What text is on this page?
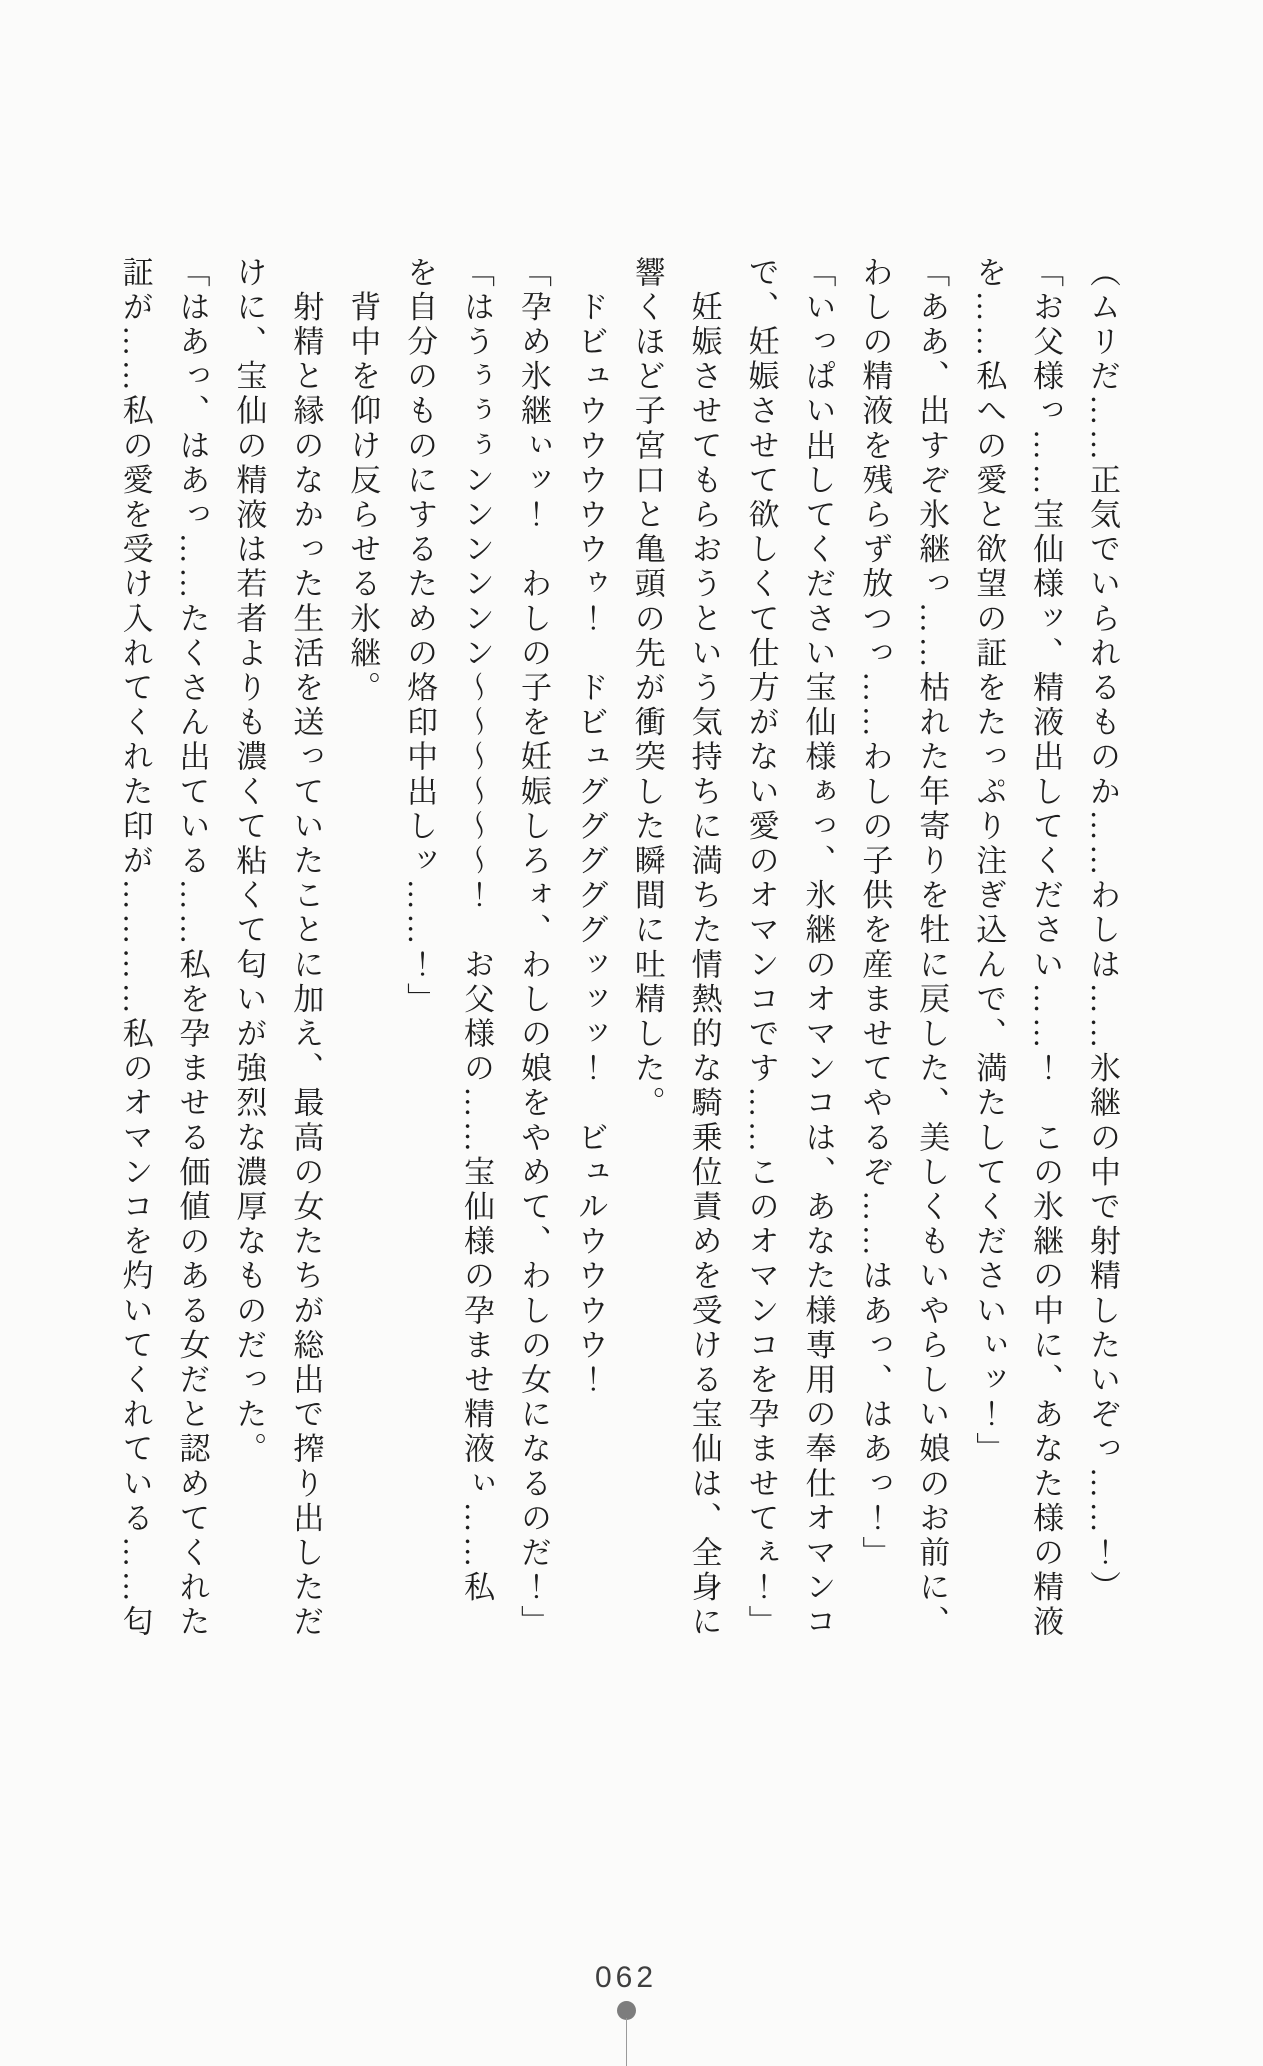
（ムリだ……正気でいられるものか……わしは……氷継の中で射精したいぞっ……！）

「お父様っ……宝仙様ッ、精液出してください……！　この氷継の中に、あなた様の精液

を……私への愛と欲望の証をたっぷり注ぎ込んで、満たしてくださいぃッ！」

「ああ、出すぞ氷継っ……枯れた年寄りを牡に戻した、美しくもいやらしい娘のお前に、

わしの精液を残らず放つっ……わしの子供を産ませてやるぞ……はあっ、はあっ！」

「いっぱい出してください宝仙様ぁっ、氷継のオマンコは、あなた様専用の奉仕オマンコ

で、妊娠させて欲しくて仕方がない愛のオマンコです……このオマンコを孕ませてぇ！」

　妊娠させてもらおうという気持ちに満ちた情熱的な騎乗位責めを受ける宝仙は、全身に

響くほど子宮口と亀頭の先が衝突した瞬間に吐精した。

　ドビュウウウウウゥ！　ドビュグググググッッッ！　ビュルウウウウ！

「孕め氷継ぃッ！　わしの子を妊娠しろォ、わしの娘をやめて、わしの女になるのだ！」

「はうぅぅぅンンンンンン〜〜〜〜〜〜！　お父様の……宝仙様の孕ませ精液ぃ……私

を自分のものにするための烙印中出しッ……！」

　背中を仰け反らせる氷継。

　射精と縁のなかった生活を送っていたことに加え、最高の女たちが総出で搾り出しただ

けに、宝仙の精液は若者よりも濃くて粘くて匂いが強烈な濃厚なものだった。

「はあっ、はあっ……たくさん出ている……私を孕ませる価値のある女だと認めてくれた

証が……私の愛を受け入れてくれた印が…………私のオマンコを灼いてくれている……匂

062
